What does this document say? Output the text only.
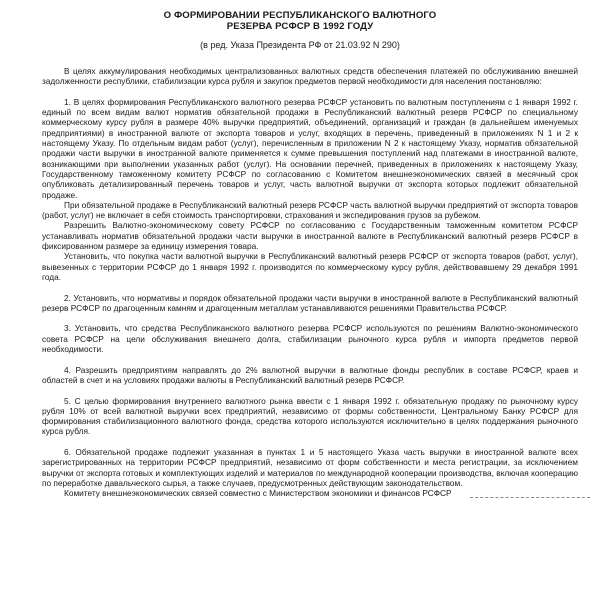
О ФОРМИРОВАНИИ РЕСПУБЛИКАНСКОГО ВАЛЮТНОГО
РЕЗЕРВА РСФСР В 1992 ГОДУ
(в ред. Указа Президента РФ от 21.03.92 N 290)

В целях аккумулирования необходимых централизованных валютных средств обеспечения платежей по обслуживанию внешней задолженности республики, стабилизации курса рубля и закупок предметов первой необходимости для населения постановляю:

1. В целях формирования Республиканского валютного резерва РСФСР установить по валютным поступлениям с 1 января 1992 г. единый по всем видам валют норматив обязательной продажи в Республиканский валютный резерв РСФСР по специальному коммерческому курсу рубля в размере 40% выручки предприятий, объединений, организаций и граждан (в дальнейшем именуемых предприятиями) в иностранной валюте от экспорта товаров и услуг, входящих в перечень, приведенный в приложениях N 1 и 2 к настоящему Указу. По отдельным видам работ (услуг), перечисленным в приложении N 2 к настоящему Указу, норматив обязательной продажи части выручки в иностранной валюте применяется к сумме превышения поступлений над платежами в иностранной валюте, возникающими при выполнении указанных работ (услуг). На основании перечней, приведенных в приложениях к настоящему Указу, Государственному таможенному комитету РСФСР по согласованию с Комитетом внешнеэкономических связей в месячный срок опубликовать детализированный перечень товаров и услуг, часть валютной выручки от экспорта которых подлежит обязательной продаже.

При обязательной продаже в Республиканский валютный резерв РСФСР часть валютной выручки предприятий от экспорта товаров (работ, услуг) не включает в себя стоимость транспортировки, страхования и экспедирования грузов за рубежом.

Разрешить Валютно-экономическому совету РСФСР по согласованию с Государственным таможенным комитетом РСФСР устанавливать норматив обязательной продажи части выручки в иностранной валюте в Республиканский валютный резерв РСФСР в фиксированном размере за единицу измерения товара.

Установить, что покупка части валютной выручки в Республиканский валютный резерв РСФСР от экспорта товаров (работ, услуг), вывезенных с территории РСФСР до 1 января 1992 г. производится по коммерческому курсу рубля, действовавшему 29 декабря 1991 года.

2. Установить, что нормативы и порядок обязательной продажи части выручки в иностранной валюте в Республиканский валютный резерв РСФСР по драгоценным камням и драгоценным металлам устанавливаются решениями Правительства РСФСР.

3. Установить, что средства Республиканского валютного резерва РСФСР используются по решениям Валютно-экономического совета РСФСР на цели обслуживания внешнего долга, стабилизации рыночного курса рубля и импорта предметов первой необходимости.

4. Разрешить предприятиям направлять до 2% валютной выручки в валютные фонды республик в составе РСФСР, краев и областей в счет и на условиях продажи валюты в Республиканский валютный резерв РСФСР.

5. С целью формирования внутреннего валютного рынка ввести с 1 января 1992 г. обязательную продажу по рыночному курсу рубля 10% от всей валютной выручки всех предприятий, независимо от формы собственности, Центральному Банку РСФСР для формирования стабилизационного валютного фонда, средства которого используются исключительно в целях поддержания рыночного курса рубля.

6. Обязательной продаже подлежит указанная в пунктах 1 и 5 настоящего Указа часть выручки в иностранной валюте всех зарегистрированных на территории РСФСР предприятий, независимо от форм собственности и места регистрации, за исключением выручки от экспорта готовых и комплектующих изделий и материалов по международной кооперации производства, включая кооперацию по переработке давальческого сырья, а также случаев, предусмотренных действующим законодательством.

Комитету внешнеэкономических связей совместно с Министерством экономики и финансов РСФСР
